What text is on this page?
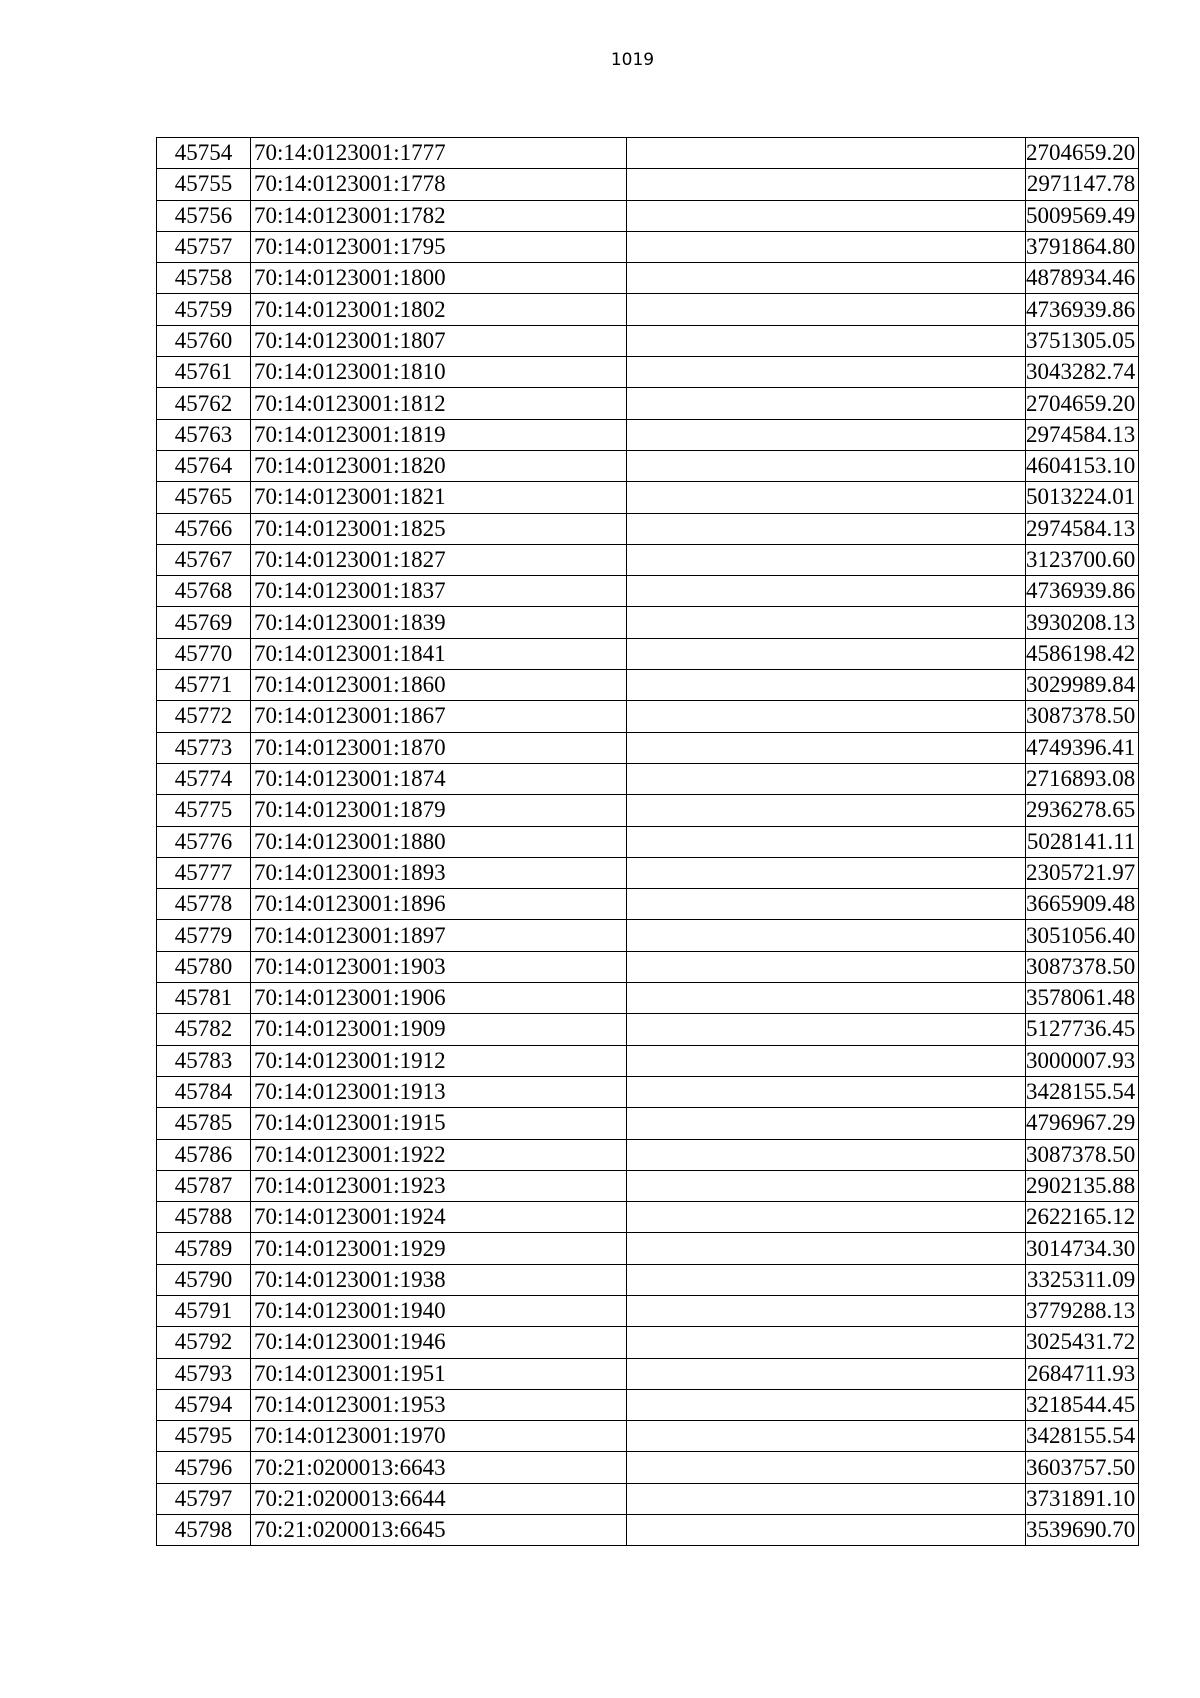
1019
45754	70:14:0123001:1777		2704659.20
45755	70:14:0123001:1778		2971147.78
45756	70:14:0123001:1782		5009569.49
45757	70:14:0123001:1795		3791864.80
45758	70:14:0123001:1800		4878934.46
45759	70:14:0123001:1802		4736939.86
45760	70:14:0123001:1807		3751305.05
45761	70:14:0123001:1810		3043282.74
45762	70:14:0123001:1812		2704659.20
45763	70:14:0123001:1819		2974584.13
45764	70:14:0123001:1820		4604153.10
45765	70:14:0123001:1821		5013224.01
45766	70:14:0123001:1825		2974584.13
45767	70:14:0123001:1827		3123700.60
45768	70:14:0123001:1837		4736939.86
45769	70:14:0123001:1839		3930208.13
45770	70:14:0123001:1841		4586198.42
45771	70:14:0123001:1860		3029989.84
45772	70:14:0123001:1867		3087378.50
45773	70:14:0123001:1870		4749396.41
45774	70:14:0123001:1874		2716893.08
45775	70:14:0123001:1879		2936278.65
45776	70:14:0123001:1880		5028141.11
45777	70:14:0123001:1893		2305721.97
45778	70:14:0123001:1896		3665909.48
45779	70:14:0123001:1897		3051056.40
45780	70:14:0123001:1903		3087378.50
45781	70:14:0123001:1906		3578061.48
45782	70:14:0123001:1909		5127736.45
45783	70:14:0123001:1912		3000007.93
45784	70:14:0123001:1913		3428155.54
45785	70:14:0123001:1915		4796967.29
45786	70:14:0123001:1922		3087378.50
45787	70:14:0123001:1923		2902135.88
45788	70:14:0123001:1924		2622165.12
45789	70:14:0123001:1929		3014734.30
45790	70:14:0123001:1938		3325311.09
45791	70:14:0123001:1940		3779288.13
45792	70:14:0123001:1946		3025431.72
45793	70:14:0123001:1951		2684711.93
45794	70:14:0123001:1953		3218544.45
45795	70:14:0123001:1970		3428155.54
45796	70:21:0200013:6643		3603757.50
45797	70:21:0200013:6644		3731891.10
45798	70:21:0200013:6645		3539690.70
